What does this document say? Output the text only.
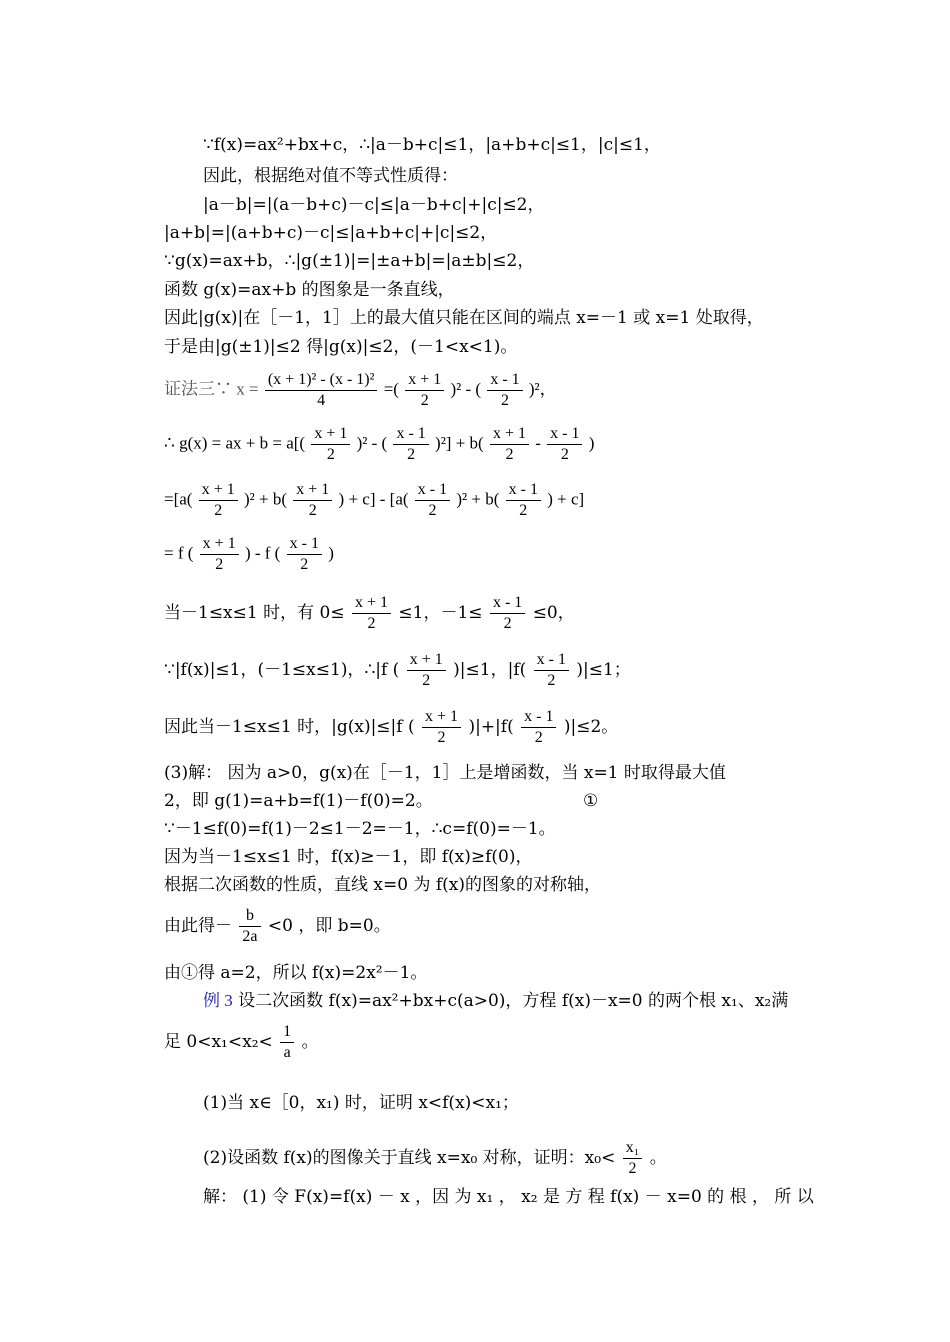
∵f(x)=ax²+bx+c，∴|a－b+c|≤1，|a+b+c|≤1，|c|≤1，
因此，根据绝对值不等式性质得：
|a－b|=|(a－b+c)－c|≤|a－b+c|+|c|≤2，
|a+b|=|(a+b+c)－c|≤|a+b+c|+|c|≤2，
∵g(x)=ax+b，∴|g(±1)|=|±a+b|=|a±b|≤2，
函数 g(x)=ax+b 的图象是一条直线，
因此|g(x)|在［－1，1］上的最大值只能在区间的端点 x=－1 或 x=1 处取得，
于是由|g(±1)|≤2 得|g(x)|≤2，(－1<x<1)。
证法三∵ $x = \frac{\text{(x + 1)² - (x - 1)²}}{4}$ =( $\frac{x + 1}{2} )^2$ - ( $\frac{x - 1}{2} )^2$，
∴ g(x) = ax + $b = a[( \frac{x + 1}{2} )^2$ - ( $\frac{x - 1}{2} )^2] + b( \frac{x + 1}{2} - \frac{x - 1}{2}$ )
$=[a( \frac{x + 1}{2} )^2 + b( \frac{x + 1}{2}$ ) + $c] - [a( \frac{x - 1}{2} )^2 + b( \frac{x - 1}{2}$ ) + c]
= f ( $\frac{x + 1}{2}$ ) - f ( $\frac{x - 1}{2}$ )
当－1≤x≤1 时，有 $0\le \frac{x + 1}{2} \le 1$，$-1\le \frac{x - 1}{2} \le 0$，
∵|f(x)|≤1，(－1≤x≤1)，∴|f ( $\frac{x + 1}{2} )|\le 1$，$|f( \frac{x - 1}{2} )|\le 1$；
因此当－1≤x≤1 时，|g(x)|≤|f ( $\frac{x + 1}{2} )|+|f( \frac{x - 1}{2} )|\le 2$。
(3)解： 因为 a>0，g(x)在［－1，1］上是增函数，当 x=1 时取得最大值
2，即 g(1)=a+b=f(1)－f(0)=2。	①
∵－1≤f(0)=f(1)－2≤1－2=－1，∴c=f(0)=－1。
因为当－1≤x≤1 时，f(x)≥－1，即 f(x)≥f(0)，
根据二次函数的性质，直线 x=0 为 f(x)的图象的对称轴，
由此得－ $\frac{b}{2a} <0$ ，即 b=0。
由①得 a=2，所以 f(x)=2x²－1。
例 3 设二次函数 f(x)=ax²+bx+c(a>0)，方程 f(x)－x=0 的两个根 x₁、x₂满
足 $0<x_1<x_2< \frac{1}{a}$ 。
(1)当 x∈［0，x₁) 时，证明 x<f(x)<x₁；
(2)设函数 f(x)的图像关于直线 x=x₀ 对称，证明：$x_0< \frac{\text{x₁}}{2}$ 。
解： (1) 令 F(x)=f(x) － x ，因 为 x₁ ， x₂ 是 方 程 f(x) － x=0 的 根 ， 所 以
